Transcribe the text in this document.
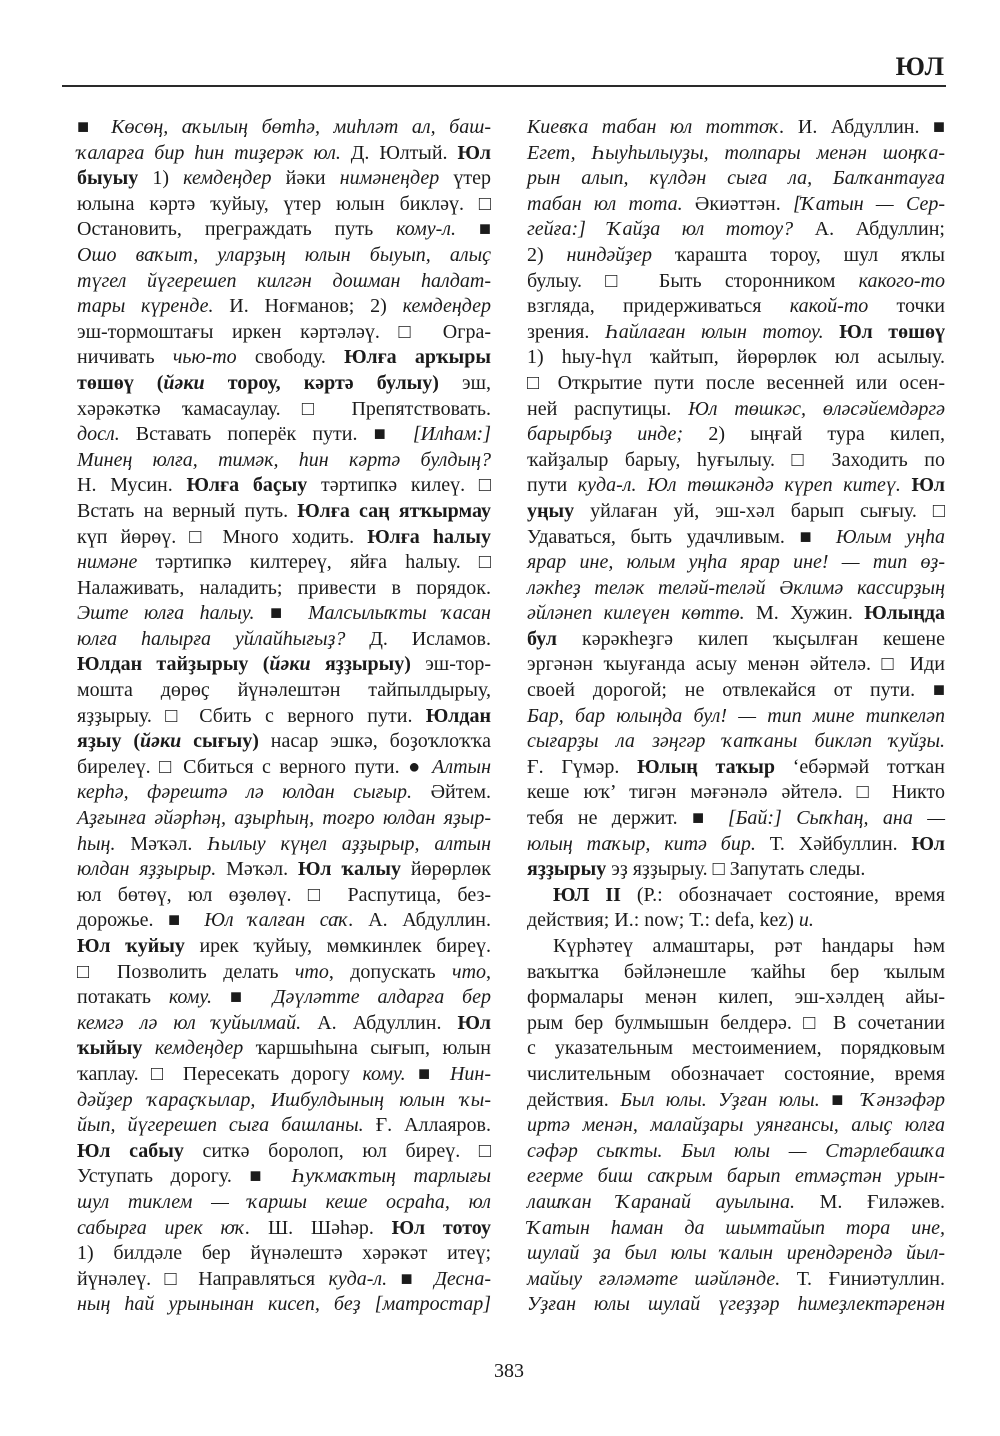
ЮЛ
■ Көсөң, аҡылың бөтһә, миһләт ал, баш-
ҡаларға бир һин тиҙерәк юл. Д. Юлтый. Юл
быуыу 1) кемдеңдер йәки нимәнеңдер үтер
юлына кәртә ҡуйыу, үтер юлын бикләү. □
Остановить, преграждать путь кому-л. ■
Ошо ваҡыт, уларҙың юлын быуып, алыҫ
түгел йүгерешеп килгән дошман һалдат-
тары күренде. И. Ноғманов; 2) кемдеңдер
эш-тормоштағы иркен кәртәләү. □ Огра-
ничивать чью-то свободу. Юлға арҡыры
төшөү (йәки тороу, кәртә булыу) эш,
хәрәкәткә ҡамасаулау. □ Препятствовать.
досл. Вставать поперёк пути. ■ [Илһам:]
Минең юлға, тимәк, һин кәртә булдың?
Н. Мусин. Юлға баҫыу тәртипкә килеү. □
Встать на верный путь. Юлға саң ятҡырмау
күп йөрөү. □ Много ходить. Юлға һалыу
нимәне тәртипкә килтереү, яйға һалыу. □
Налаживать, наладить; привести в порядок.
Эште юлға һалыу. ■ Малсылыҡты ҡасан
юлға һалырға уйлайһығыҙ? Д. Исламов.
Юлдан тайҙырыу (йәки яҙҙырыу) эш-тор-
мошта дөрөҫ йүнәлештән тайпылдырыу,
яҙҙырыу. □ Сбить с верного пути. Юлдан
яҙыу (йәки сығыу) насар эшкә, боҙоҡлоҡҡа
бирелеү. □ Сбиться с верного пути. ● Алтын
керһә, фәрештә лә юлдан сығыр. Әйтем.
Аҙғынға әйәрһәң, аҙырһың, тоғро юлдан яҙыр-
һың. Мәҡәл. Һылыу күңел аҙҙырыр, алтын
юлдан яҙҙырыр. Мәҡәл. Юл ҡалыу йөрөрлөк
юл бөтөү, юл өҙөлөү. □ Распутица, без-
дорожье. ■ Юл ҡалған саҡ. А. Абдуллин.
Юл ҡуйыу ирек ҡуйыу, мөмкинлек биреү.
□ Позволить делать что, допускать что,
потакать кому. ■ Дәүләтте алдарға бер
кемгә лә юл ҡуйылмай. А. Абдуллин. Юл
ҡыйыу кемдеңдер ҡаршыһына сығып, юлын
ҡаплау. □ Пересекать дорогу кому. ■ Нин-
дәйҙер ҡараҫҡылар, Ишбулдының юлын ҡы-
йып, йүгерешеп сыға башланы. Ғ. Аллаяров.
Юл сабыу ситкә боролоп, юл биреү. □
Уступать дорогу. ■ Һуҡмаҡтың тарлығы
шул тиклем — ҡаршы кеше осраһа, юл
сабырға ирек юҡ. Ш. Шәһәр. Юл тотоу
1) билдәле бер йүнәлештә хәрәкәт итеү;
йүнәлеү. □ Направляться куда-л. ■ Десна-
ның һай урынынан кисеп, беҙ [матростар]
Киевҡа табан юл тоттоҡ. И. Абдуллин. ■
Егет, Һыуһылыуҙы, толпары менән шоңҡа-
рын алып, күлдән сыға ла, Балҡантауға
табан юл тота. Әкиәттән. [Ҡатын — Сер-
гейға:] Ҡайҙа юл тотоу? А. Абдуллин;
2) ниндәйҙер ҡарашта тороу, шул яҡлы
булыу. □ Быть сторонником какого-то
взгляда, придерживаться какой-то точки
зрения. Һайлаған юлын тотоу. Юл төшөү
1) һыу-һүл ҡайтып, йөрөрлөк юл асылыу.
□ Открытие пути после весенней или осен-
ней распутицы. Юл төшкәс, өләсәйемдәргә
барырбыҙ инде; 2) ыңғай тура килеп,
ҡайҙалыр барыу, һуғылыу. □ Заходить по
пути куда-л. Юл төшкәндә күреп китеү. Юл
уңыу уйлаған уй, эш-хәл барып сығыу. □
Удаваться, быть удачливым. ■ Юлым уңһа
ярар ине, юлым уңһа ярар ине! — тип өҙ-
ләкһеҙ теләк теләй-теләй Әклимә кассирҙың
әйләнеп килеүен көттө. М. Хужин. Юлыңда
бул кәрәкһеҙгә килеп ҡыҫылған кешене
эргәнән ҡыуғанда асыу менән әйтелә. □ Иди
своей дорогой; не отвлекайся от пути. ■
Бар, бар юлыңда бул! — тип мине типкеләп
сығарҙы ла зәңгәр ҡапҡаны бикләп ҡуйҙы.
Ғ. Гүмәр. Юлың таҡыр ‘ебәрмәй тотҡан
кеше юҡ’ тигән мәғәнәлә әйтелә. □ Никто
тебя не держит. ■ [Бай:] Сыҡһаң, ана —
юлың таҡыр, китә бир. Т. Хәйбуллин. Юл
яҙҙырыу эҙ яҙҙырыу. □ Запутать следы.
ЮЛ II (Р.: обозначает состояние, время
действия; И.: now; Т.: defa, kez) и.
Күрһәтеү алмаштары, рәт һандары һәм
ваҡытҡа бәйләнешле ҡайһы бер ҡылым
формалары менән килеп, эш-хәлдең айы-
рым бер булмышын белдерә. □ В сочетании
с указательным местоимением, порядковым
числительным обозначает состояние, время
действия. Был юлы. Уҙған юлы. ■ Ҡәнзәфәр
иртә менән, малайҙары уянғансы, алыҫ юлға
сәфәр сыҡты. Был юлы — Стәрлебашҡа
егерме биш саҡрым барып етмәҫтән урын-
лашҡан Ҡаранай ауылына. М. Ғиләжев.
Ҡатын һаман да шымтайып тора ине,
шулай ҙа был юлы ҡалын ирендәрендә йыл-
майыу ғәләмәте шәйләнде. Т. Ғиниәтуллин.
Уҙған юлы шулай үгеҙҙәр һимеҙлектәренән
383
